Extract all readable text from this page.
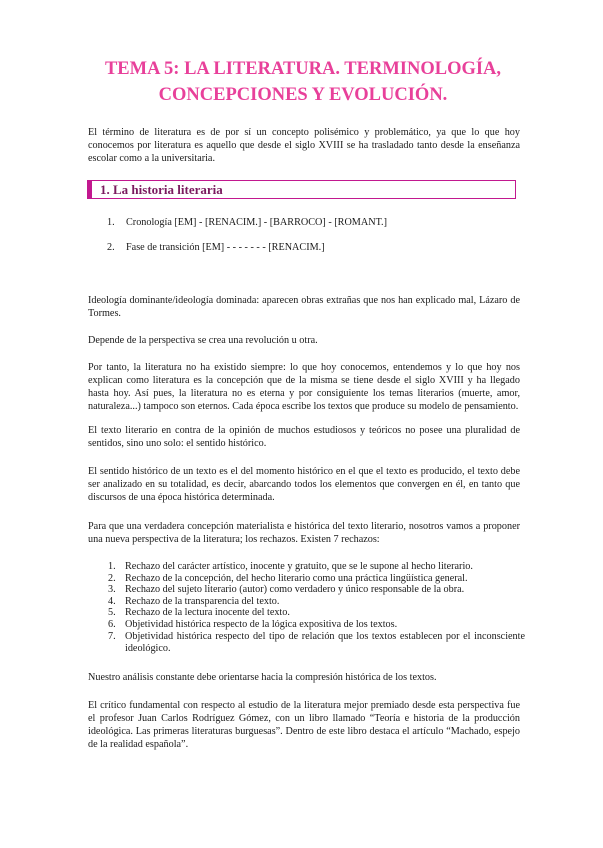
TEMA 5: LA LITERATURA. TERMINOLOGÍA,
CONCEPCIONES Y EVOLUCIÓN.

El término de literatura es de por sí un concepto polisémico y problemático, ya que lo que hoy conocemos por literatura es aquello que desde el siglo XVIII se ha trasladado tanto desde la enseñanza escolar como a la universitaria.

1. La historia literaria
1. Cronología [EM] - [RENACIM.] - [BARROCO] - [ROMANT.]
2. Fase de transición [EM] - - - - - - - [RENACIM.]

Ideología dominante/ideología dominada: aparecen obras extrañas que nos han explicado mal, Lázaro de Tormes.

Depende de la perspectiva se crea una revolución u otra.

Por tanto, la literatura no ha existido siempre: lo que hoy conocemos, entendemos y lo que hoy nos explican como literatura es la concepción que de la misma se tiene desde el siglo XVIII y ha llegado hasta hoy. Así pues, la literatura no es eterna y por consiguiente los temas literarios (muerte, amor, naturaleza...) tampoco son eternos. Cada época escribe los textos que produce su modelo de pensamiento.

El texto literario en contra de la opinión de muchos estudiosos y teóricos no posee una pluralidad de sentidos, sino uno solo: el sentido histórico.

El sentido histórico de un texto es el del momento histórico en el que el texto es producido, el texto debe ser analizado en su totalidad, es decir, abarcando todos los elementos que convergen en él, en tanto que discursos de una época histórica determinada.

Para que una verdadera concepción materialista e histórica del texto literario, nosotros vamos a proponer una nueva perspectiva de la literatura; los rechazos. Existen 7 rechazos:

1. Rechazo del carácter artístico, inocente y gratuito, que se le supone al hecho literario.
2. Rechazo de la concepción, del hecho literario como una práctica lingüística general.
3. Rechazo del sujeto literario (autor) como verdadero y único responsable de la obra.
4. Rechazo de la transparencia del texto.
5. Rechazo de la lectura inocente del texto.
6. Objetividad histórica respecto de la lógica expositiva de los textos.
7. Objetividad histórica respecto del tipo de relación que los textos establecen por el inconsciente ideológico.

Nuestro análisis constante debe orientarse hacia la compresión histórica de los textos.

El crítico fundamental con respecto al estudio de la literatura mejor premiado desde esta perspectiva fue el profesor Juan Carlos Rodríguez Gómez, con un libro llamado “Teoría e historia de la producción ideológica. Las primeras literaturas burguesas”. Dentro de este libro destaca el artículo “Machado, espejo de la realidad española”.
